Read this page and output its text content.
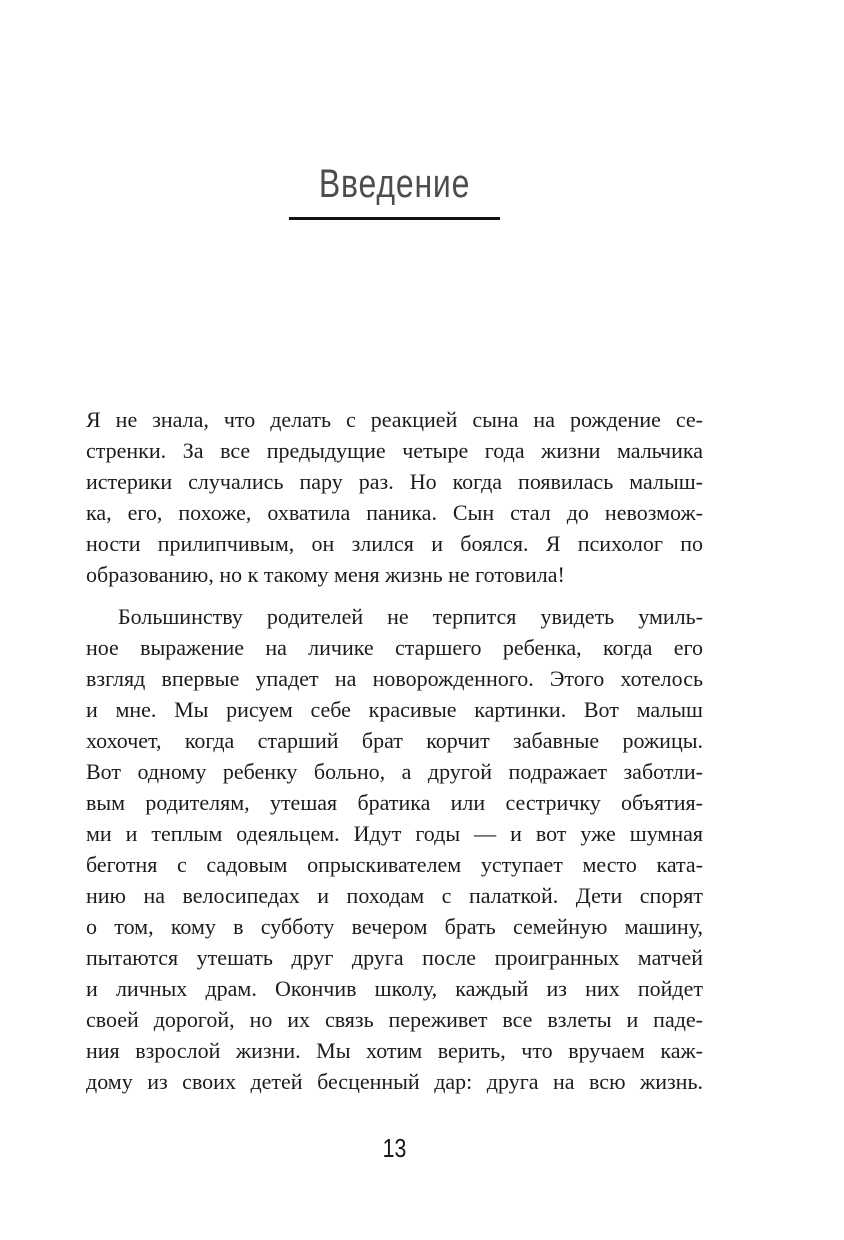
Введение
Я не знала, что делать с реакцией сына на рождение се-
стренки. За все предыдущие четыре года жизни мальчика
истерики случались пару раз. Но когда появилась малыш-
ка, его, похоже, охватила паника. Сын стал до невозмож-
ности прилипчивым, он злился и боялся. Я психолог по
образованию, но к такому меня жизнь не готовила!
Большинству родителей не терпится увидеть умиль-
ное выражение на личике старшего ребенка, когда его
взгляд впервые упадет на новорожденного. Этого хотелось
и мне. Мы рисуем себе красивые картинки. Вот малыш
хохочет, когда старший брат корчит забавные рожицы.
Вот одному ребенку больно, а другой подражает заботли-
вым родителям, утешая братика или сестричку объятия-
ми и теплым одеяльцем. Идут годы — и вот уже шумная
беготня с садовым опрыскивателем уступает место ката-
нию на велосипедах и походам с палаткой. Дети спорят
о том, кому в субботу вечером брать семейную машину,
пытаются утешать друг друга после проигранных матчей
и личных драм. Окончив школу, каждый из них пойдет
своей дорогой, но их связь переживет все взлеты и паде-
ния взрослой жизни. Мы хотим верить, что вручаем каж-
дому из своих детей бесценный дар: друга на всю жизнь.
13
